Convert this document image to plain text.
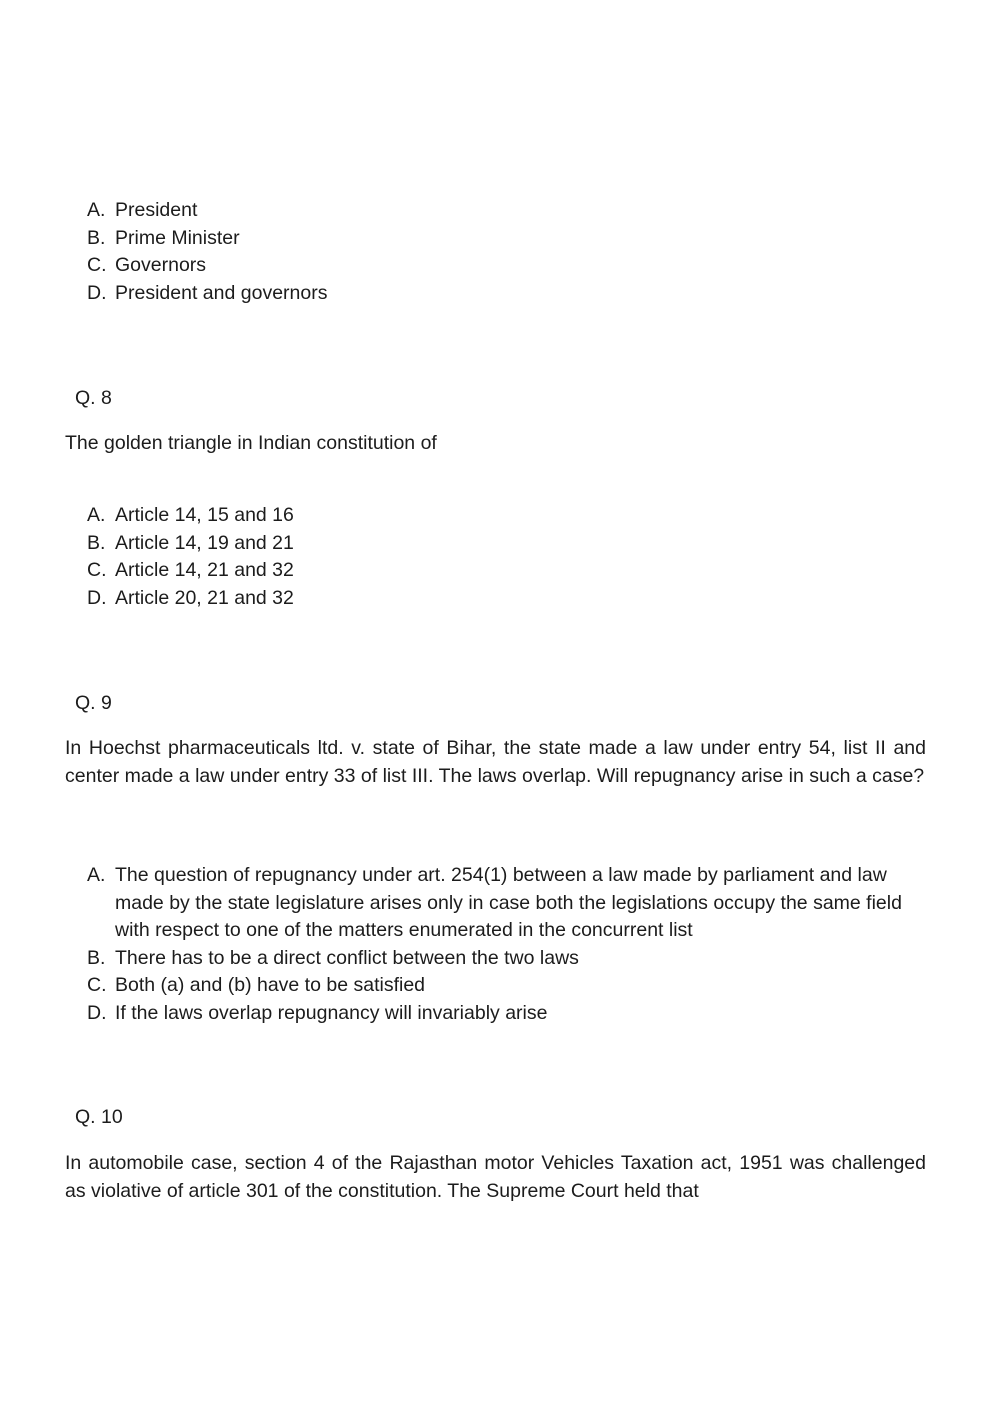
A. President
B. Prime Minister
C. Governors
D. President and governors
Q. 8
The golden triangle in Indian constitution of
A. Article 14, 15 and 16
B. Article 14, 19 and 21
C. Article 14, 21 and 32
D. Article 20, 21 and 32
Q. 9
In Hoechst pharmaceuticals ltd. v. state of Bihar, the state made a law under entry 54, list II and center made a law under entry 33 of list III. The laws overlap. Will repugnancy arise in such a case?
A. The question of repugnancy under art. 254(1) between a law made by parliament and law made by the state legislature arises only in case both the legislations occupy the same field with respect to one of the matters enumerated in the concurrent list
B. There has to be a direct conflict between the two laws
C. Both (a) and (b) have to be satisfied
D. If the laws overlap repugnancy will invariably arise
Q. 10
In automobile case, section 4 of the Rajasthan motor Vehicles Taxation act, 1951 was challenged as violative of article 301 of the constitution. The Supreme Court held that
